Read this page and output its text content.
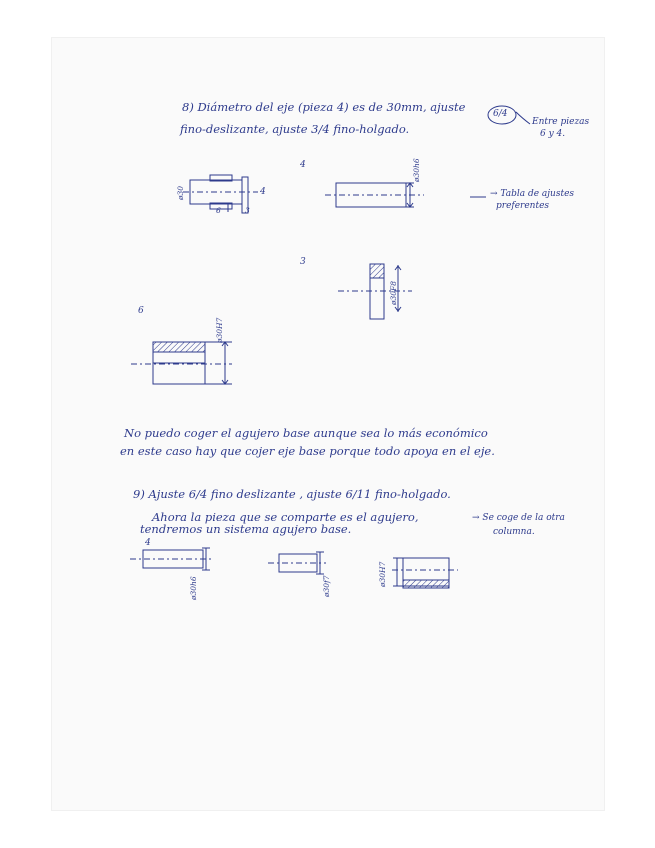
8) Diámetro del eje (pieza 4) es de 30mm, ajuste	6/4
fino-deslizante, ajuste 3/4 fino-holgado.	Entre piezas
6 y 4.
4
ø30	4
6	3
ø30h6
→ Tabla de ajustes
preferentes
3
ø30F8
6
ø30H7
No puedo coger el agujero base aunque sea lo más económico
en este caso hay que cojer eje base porque todo apoya en el eje.
9) Ajuste 6/4 fino deslizante , ajuste 6/11 fino-holgado.
Ahora la pieza que se comparte es el agujero,
tendremos un sistema agujero base.
→ Se coge de la otra
columna.
4
ø30h6	ø30f7	ø30H7
